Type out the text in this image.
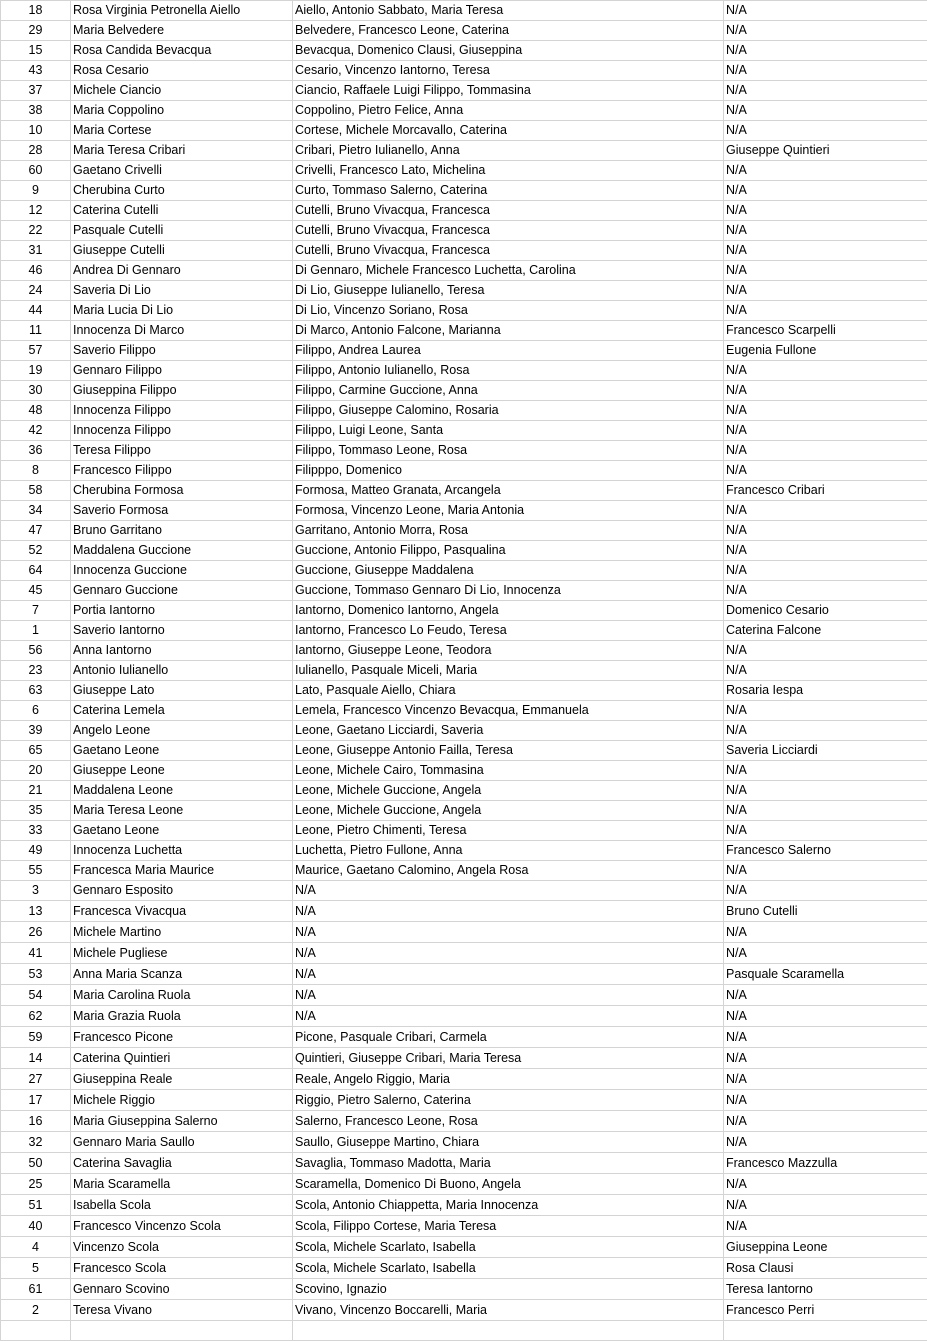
18	Rosa Virginia Petronella Aiello	Aiello, Antonio Sabbato, Maria Teresa	N/A
29	Maria Belvedere	Belvedere, Francesco Leone, Caterina	N/A
15	Rosa Candida Bevacqua	Bevacqua, Domenico Clausi, Giuseppina	N/A
43	Rosa Cesario	Cesario, Vincenzo Iantorno, Teresa	N/A
37	Michele Ciancio	Ciancio, Raffaele Luigi Filippo, Tommasina	N/A
38	Maria Coppolino	Coppolino, Pietro Felice, Anna	N/A
10	Maria Cortese	Cortese, Michele Morcavallo, Caterina	N/A
28	Maria Teresa Cribari	Cribari, Pietro Iulianello, Anna	Giuseppe Quintieri
60	Gaetano Crivelli	Crivelli, Francesco Lato, Michelina	N/A
9	Cherubina Curto	Curto, Tommaso Salerno, Caterina	N/A
12	Caterina Cutelli	Cutelli, Bruno Vivacqua, Francesca	N/A
22	Pasquale Cutelli	Cutelli, Bruno Vivacqua, Francesca	N/A
31	Giuseppe Cutelli	Cutelli, Bruno Vivacqua, Francesca	N/A
46	Andrea Di Gennaro	Di Gennaro, Michele Francesco Luchetta, Carolina	N/A
24	Saveria Di Lio	Di Lio, Giuseppe Iulianello, Teresa	N/A
44	Maria Lucia Di Lio	Di Lio, Vincenzo Soriano, Rosa	N/A
11	Innocenza Di Marco	Di Marco, Antonio Falcone, Marianna	Francesco Scarpelli
57	Saverio Filippo	Filippo, Andrea Laurea	Eugenia Fullone
19	Gennaro Filippo	Filippo, Antonio Iulianello, Rosa	N/A
30	Giuseppina Filippo	Filippo, Carmine Guccione, Anna	N/A
48	Innocenza Filippo	Filippo, Giuseppe Calomino, Rosaria	N/A
42	Innocenza Filippo	Filippo, Luigi Leone, Santa	N/A
36	Teresa Filippo	Filippo, Tommaso Leone, Rosa	N/A
8	Francesco Filippo	Filipppo, Domenico	N/A
58	Cherubina Formosa	Formosa, Matteo Granata, Arcangela	Francesco Cribari
34	Saverio Formosa	Formosa, Vincenzo Leone, Maria Antonia	N/A
47	Bruno Garritano	Garritano, Antonio Morra, Rosa	N/A
52	Maddalena Guccione	Guccione, Antonio Filippo, Pasqualina	N/A
64	Innocenza Guccione	Guccione, Giuseppe Maddalena	N/A
45	Gennaro Guccione	Guccione, Tommaso Gennaro Di Lio, Innocenza	N/A
7	Portia Iantorno	Iantorno, Domenico Iantorno, Angela	Domenico Cesario
1	Saverio Iantorno	Iantorno, Francesco Lo Feudo, Teresa	Caterina Falcone
56	Anna Iantorno	Iantorno, Giuseppe Leone, Teodora	N/A
23	Antonio Iulianello	Iulianello, Pasquale Miceli, Maria	N/A
63	Giuseppe Lato	Lato, Pasquale Aiello, Chiara	Rosaria Iespa
6	Caterina Lemela	Lemela, Francesco Vincenzo Bevacqua, Emmanuela	N/A
39	Angelo Leone	Leone, Gaetano Licciardi, Saveria	N/A
65	Gaetano Leone	Leone, Giuseppe Antonio Failla, Teresa	Saveria Licciardi
20	Giuseppe Leone	Leone, Michele Cairo, Tommasina	N/A
21	Maddalena Leone	Leone, Michele Guccione, Angela	N/A
35	Maria Teresa Leone	Leone, Michele Guccione, Angela	N/A
33	Gaetano Leone	Leone, Pietro Chimenti, Teresa	N/A
49	Innocenza Luchetta	Luchetta, Pietro Fullone, Anna	Francesco Salerno
55	Francesca Maria Maurice	Maurice, Gaetano Calomino, Angela Rosa	N/A
3	Gennaro Esposito	N/A	N/A
13	Francesca Vivacqua	N/A	Bruno Cutelli
26	Michele Martino	N/A	N/A
41	Michele Pugliese	N/A	N/A
53	Anna Maria Scanza	N/A	Pasquale Scaramella
54	Maria Carolina Ruola	N/A	N/A
62	Maria Grazia Ruola	N/A	N/A
59	Francesco Picone	Picone, Pasquale Cribari, Carmela	N/A
14	Caterina Quintieri	Quintieri, Giuseppe Cribari, Maria Teresa	N/A
27	Giuseppina Reale	Reale, Angelo Riggio, Maria	N/A
17	Michele Riggio	Riggio, Pietro Salerno, Caterina	N/A
16	Maria Giuseppina Salerno	Salerno, Francesco Leone, Rosa	N/A
32	Gennaro Maria Saullo	Saullo, Giuseppe Martino, Chiara	N/A
50	Caterina Savaglia	Savaglia, Tommaso Madotta, Maria	Francesco Mazzulla
25	Maria Scaramella	Scaramella, Domenico Di Buono, Angela	N/A
51	Isabella Scola	Scola, Antonio Chiappetta, Maria Innocenza	N/A
40	Francesco Vincenzo Scola	Scola, Filippo Cortese, Maria Teresa	N/A
4	Vincenzo Scola	Scola, Michele Scarlato, Isabella	Giuseppina Leone
5	Francesco Scola	Scola, Michele Scarlato, Isabella	Rosa Clausi
61	Gennaro Scovino	Scovino, Ignazio	Teresa Iantorno
2	Teresa Vivano	Vivano, Vincenzo Boccarelli, Maria	Francesco Perri
